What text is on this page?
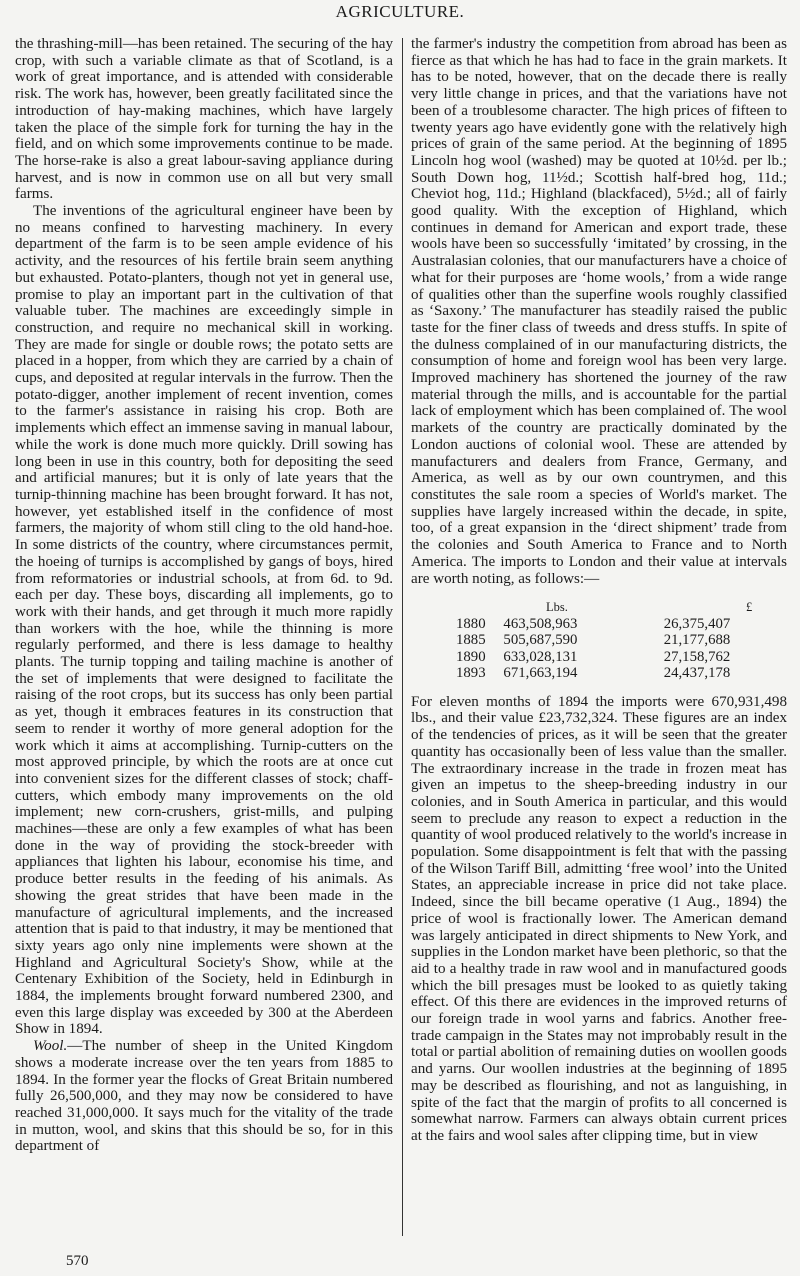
AGRICULTURE.

the thrashing-mill—has been retained. The securing of the hay crop, with such a variable climate as that of Scotland, is a work of great importance, and is attended with considerable risk. The work has, however, been greatly facilitated since the introduction of hay-making machines, which have largely taken the place of the simple fork for turning the hay in the field, and on which some improvements continue to be made. The horse-rake is also a great labour-saving appliance during harvest, and is now in common use on all but very small farms.

The inventions of the agricultural engineer have been by no means confined to harvesting machinery. In every department of the farm is to be seen ample evidence of his activity, and the resources of his fertile brain seem anything but exhausted. Potato-planters, though not yet in general use, promise to play an important part in the cultivation of that valuable tuber. The machines are exceedingly simple in construction, and require no mechanical skill in working. They are made for single or double rows; the potato setts are placed in a hopper, from which they are carried by a chain of cups, and deposited at regular intervals in the furrow. Then the potato-digger, another implement of recent invention, comes to the farmer's assistance in raising his crop. Both are implements which effect an immense saving in manual labour, while the work is done much more quickly. Drill sowing has long been in use in this country, both for depositing the seed and artificial manures; but it is only of late years that the turnip-thinning machine has been brought forward. It has not, however, yet established itself in the confidence of most farmers, the majority of whom still cling to the old hand-hoe. In some districts of the country, where circumstances permit, the hoeing of turnips is accomplished by gangs of boys, hired from reformatories or industrial schools, at from 6d. to 9d. each per day. These boys, discarding all implements, go to work with their hands, and get through it much more rapidly than workers with the hoe, while the thinning is more regularly performed, and there is less damage to healthy plants. The turnip topping and tailing machine is another of the set of implements that were designed to facilitate the raising of the root crops, but its success has only been partial as yet, though it embraces features in its construction that seem to render it worthy of more general adoption for the work which it aims at accomplishing. Turnip-cutters on the most approved principle, by which the roots are at once cut into convenient sizes for the different classes of stock; chaff-cutters, which embody many improvements on the old implement; new corn-crushers, grist-mills, and pulping machines—these are only a few examples of what has been done in the way of providing the stock-breeder with appliances that lighten his labour, economise his time, and produce better results in the feeding of his animals. As showing the great strides that have been made in the manufacture of agricultural implements, and the increased attention that is paid to that industry, it may be mentioned that sixty years ago only nine implements were shown at the Highland and Agricultural Society's Show, while at the Centenary Exhibition of the Society, held in Edinburgh in 1884, the implements brought forward numbered 2300, and even this large display was exceeded by 300 at the Aberdeen Show in 1894.

Wool.—The number of sheep in the United Kingdom shows a moderate increase over the ten years from 1885 to 1894. In the former year the flocks of Great Britain numbered fully 26,500,000, and they may now be considered to have reached 31,000,000. It says much for the vitality of the trade in mutton, wool, and skins that this should be so, for in this department of

the farmer's industry the competition from abroad has been as fierce as that which he has had to face in the grain markets. It has to be noted, however, that on the decade there is really very little change in prices, and that the variations have not been of a troublesome character. The high prices of fifteen to twenty years ago have evidently gone with the relatively high prices of grain of the same period. At the beginning of 1895 Lincoln hog wool (washed) may be quoted at 10½d. per lb.; South Down hog, 11½d.; Scottish half-bred hog, 11d.; Cheviot hog, 11d.; Highland (blackfaced), 5½d.; all of fairly good quality. With the exception of Highland, which continues in demand for American and export trade, these wools have been so successfully ‘imitated’ by crossing, in the Australasian colonies, that our manufacturers have a choice of what for their purposes are ‘home wools,’ from a wide range of qualities other than the superfine wools roughly classified as ‘Saxony.’ The manufacturer has steadily raised the public taste for the finer class of tweeds and dress stuffs. In spite of the dulness complained of in our manufacturing districts, the consumption of home and foreign wool has been very large. Improved machinery has shortened the journey of the raw material through the mills, and is accountable for the partial lack of employment which has been complained of. The wool markets of the country are practically dominated by the London auctions of colonial wool. These are attended by manufacturers and dealers from France, Germany, and America, as well as by our own countrymen, and this constitutes the sale room a species of World's market. The supplies have largely increased within the decade, in spite, too, of a great expansion in the ‘direct shipment’ trade from the colonies and South America to France and to North America. The imports to London and their value at intervals are worth noting, as follows:—

Lbs.	£
1880	463,508,963	26,375,407
1885	505,687,590	21,177,688
1890	633,028,131	27,158,762
1893	671,663,194	24,437,178

For eleven months of 1894 the imports were 670,931,498 lbs., and their value £23,732,324. These figures are an index of the tendencies of prices, as it will be seen that the greater quantity has occasionally been of less value than the smaller. The extraordinary increase in the trade in frozen meat has given an impetus to the sheep-breeding industry in our colonies, and in South America in particular, and this would seem to preclude any reason to expect a reduction in the quantity of wool produced relatively to the world's increase in population. Some disappointment is felt that with the passing of the Wilson Tariff Bill, admitting ‘free wool’ into the United States, an appreciable increase in price did not take place. Indeed, since the bill became operative (1 Aug., 1894) the price of wool is fractionally lower. The American demand was largely anticipated in direct shipments to New York, and supplies in the London market have been plethoric, so that the aid to a healthy trade in raw wool and in manufactured goods which the bill presages must be looked to as quietly taking effect. Of this there are evidences in the improved returns of our foreign trade in wool yarns and fabrics. Another free-trade campaign in the States may not improbably result in the total or partial abolition of remaining duties on woollen goods and yarns. Our woollen industries at the beginning of 1895 may be described as flourishing, and not as languishing, in spite of the fact that the margin of profits to all concerned is somewhat narrow. Farmers can always obtain current prices at the fairs and wool sales after clipping time, but in view

570
